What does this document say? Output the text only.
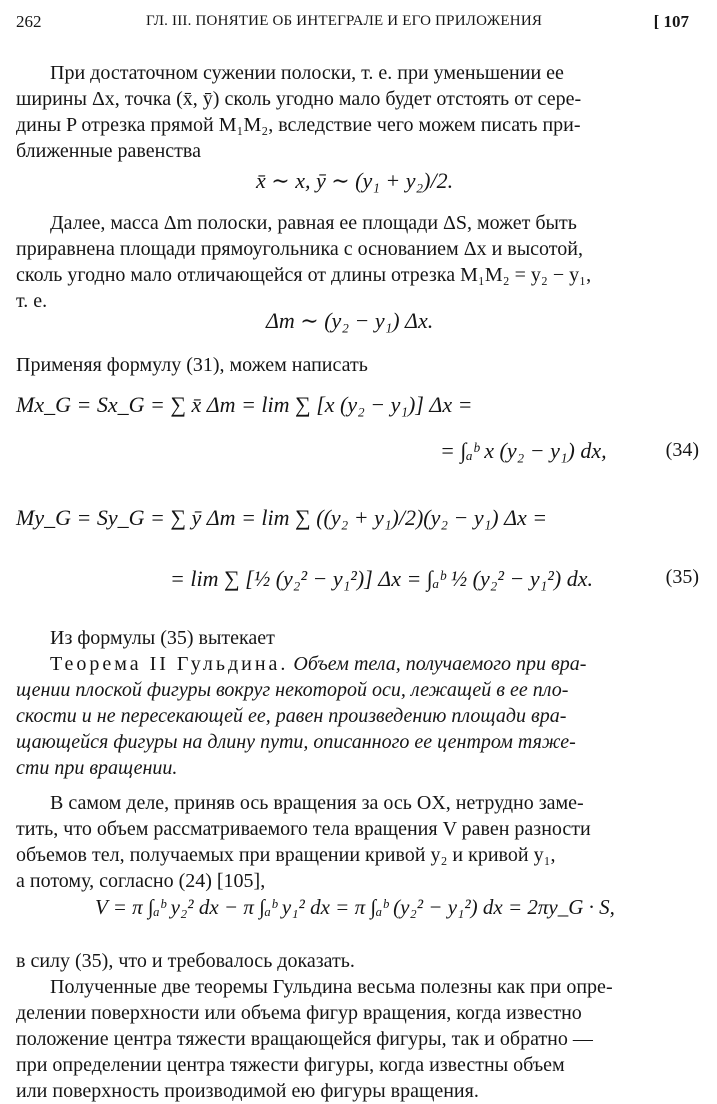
262	ГЛ. III. ПОНЯТИЕ ОБ ИНТЕГРАЛЕ И ЕГО ПРИЛОЖЕНИЯ	[ 107
При достаточном сужении полоски, т. е. при уменьшении ее
ширины Δx, точка (x̄, ȳ) сколь угодно мало будет отстоять от сере-
дины P отрезка прямой M₁M₂, вследствие чего можем писать при-
ближенные равенства
x̄ ∼ x, ȳ ∼ (y₁ + y₂)/2.
Далее, масса Δm полоски, равная ее площади ΔS, может быть
приравнена площади прямоугольника с основанием Δx и высотой,
сколь угодно мало отличающейся от длины отрезка M₁M₂ = y₂ − y₁,
т. е.
Δm ∼ (y₂ − y₁) Δx.
Применяя формулу (31), можем написать
Mx_G = Sx_G = ∑ x̄ Δm = lim ∑ [x (y₂ − y₁)] Δx =
= ∫ₐᵇ x (y₂ − y₁) dx,	(34)
My_G = Sy_G = ∑ ȳ Δm = lim ∑ ((y₂ + y₁)/2)(y₂ − y₁) Δx =
= lim ∑ [½ (y₂² − y₁²)] Δx = ∫ₐᵇ ½ (y₂² − y₁²) dx.	(35)
Из формулы (35) вытекает
Теорема II Гульдина. Объем тела, получаемого при вра-
щении плоской фигуры вокруг некоторой оси, лежащей в ее пло-
скости и не пересекающей ее, равен произведению площади вра-
щающейся фигуры на длину пути, описанного ее центром тяже-
сти при вращении.
В самом деле, приняв ось вращения за ось OX, нетрудно заме-
тить, что объем рассматриваемого тела вращения V равен разности
объемов тел, получаемых при вращении кривой y₂ и кривой y₁,
а потому, согласно (24) [105],
V = π ∫ₐᵇ y₂² dx − π ∫ₐᵇ y₁² dx = π ∫ₐᵇ (y₂² − y₁²) dx = 2πy_G · S,
в силу (35), что и требовалось доказать.
Полученные две теоремы Гульдина весьма полезны как при опре-
делении поверхности или объема фигур вращения, когда известно
положение центра тяжести вращающейся фигуры, так и обратно —
при определении центра тяжести фигуры, когда известны объем
или поверхность производимой ею фигуры вращения.
